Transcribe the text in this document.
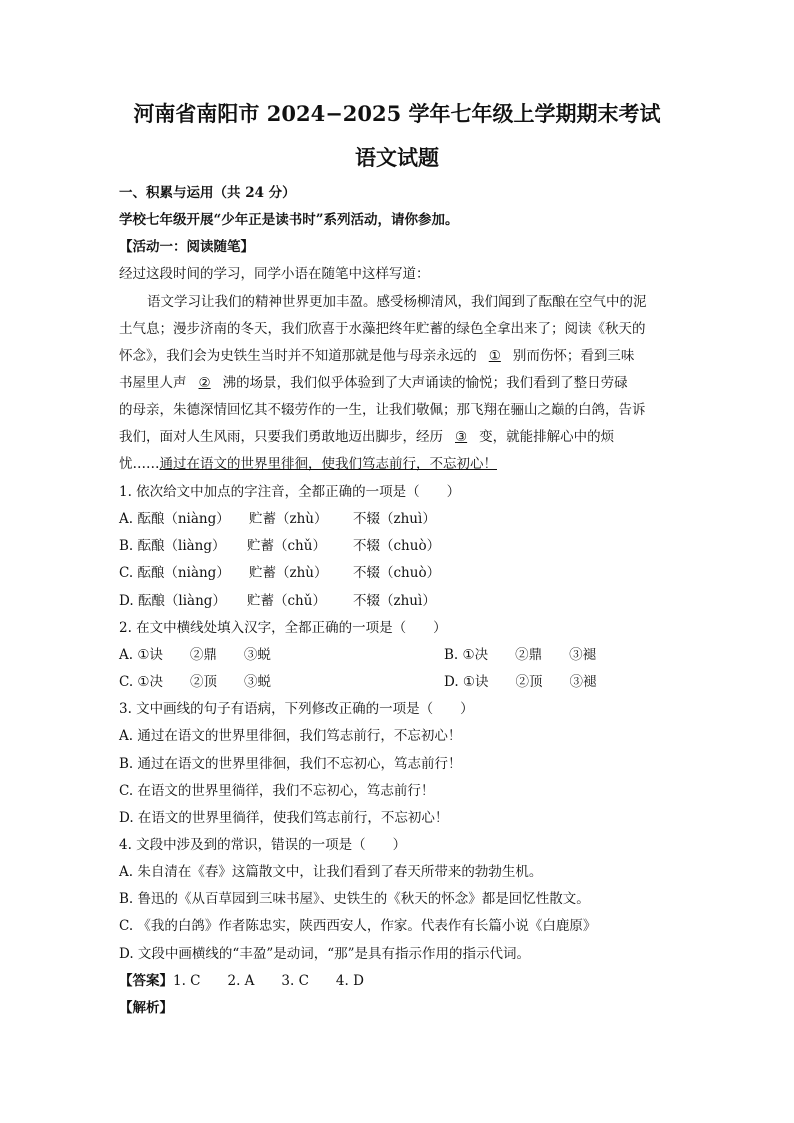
河南省南阳市 2024−2025 学年七年级上学期期末考试
语文试题
一、积累与运用（共 24 分）
学校七年级开展“少年正是读书时”系列活动，请你参加。
【活动一：阅读随笔】
经过这段时间的学习，同学小语在随笔中这样写道：
语文学习让我们的精神世界更加丰盈。感受杨柳清风，我们闻到了酝酿在空气中的泥
土气息；漫步济南的冬天，我们欣喜于水藻把终年贮蓄的绿色全拿出来了；阅读《秋天的
怀念》，我们会为史铁生当时并不知道那就是他与母亲永远的 ① 别而伤怀；看到三味
书屋里人声 ② 沸的场景，我们似乎体验到了大声诵读的愉悦；我们看到了整日劳碌
的母亲，朱德深情回忆其不辍劳作的一生，让我们敬佩；那飞翔在骊山之巅的白鸽，告诉
我们，面对人生风雨，只要我们勇敢地迈出脚步，经历 ③ 变，就能排解心中的烦
忧……通过在语文的世界里徘徊，使我们笃志前行，不忘初心！
1. 依次给文中加点的字注音，全都正确的一项是（　　）
A. 酝酿（niàng） 贮蓄（zhù） 不辍（zhuì）
B. 酝酿（liàng） 贮蓄（chǔ） 不辍（chuò）
C. 酝酿（niàng） 贮蓄（zhù） 不辍（chuò）
D. 酝酿（liàng） 贮蓄（chǔ） 不辍（zhuì）
2. 在文中横线处填入汉字，全都正确的一项是（　　）
A. ①诀　　②鼎　　③蜕	B. ①决　　②鼎　　③褪
C. ①决　　②顶　　③蜕	D. ①诀　　②顶　　③褪
3. 文中画线的句子有语病，下列修改正确的一项是（　　）
A. 通过在语文的世界里徘徊，我们笃志前行，不忘初心！
B. 通过在语文的世界里徘徊，我们不忘初心，笃志前行！
C. 在语文的世界里徜徉，我们不忘初心，笃志前行！
D. 在语文的世界里徜徉，使我们笃志前行，不忘初心！
4. 文段中涉及到的常识，错误的一项是（　　）
A. 朱自清在《春》这篇散文中，让我们看到了春天所带来的勃勃生机。
B. 鲁迅的《从百草园到三味书屋》、史铁生的《秋天的怀念》都是回忆性散文。
C. 《我的白鸽》作者陈忠实，陕西西安人，作家。代表作有长篇小说《白鹿原》
D. 文段中画横线的“丰盈”是动词，“那”是具有指示作用的指示代词。
【答案】1. C　　2. A　　3. C　　4. D
【解析】
